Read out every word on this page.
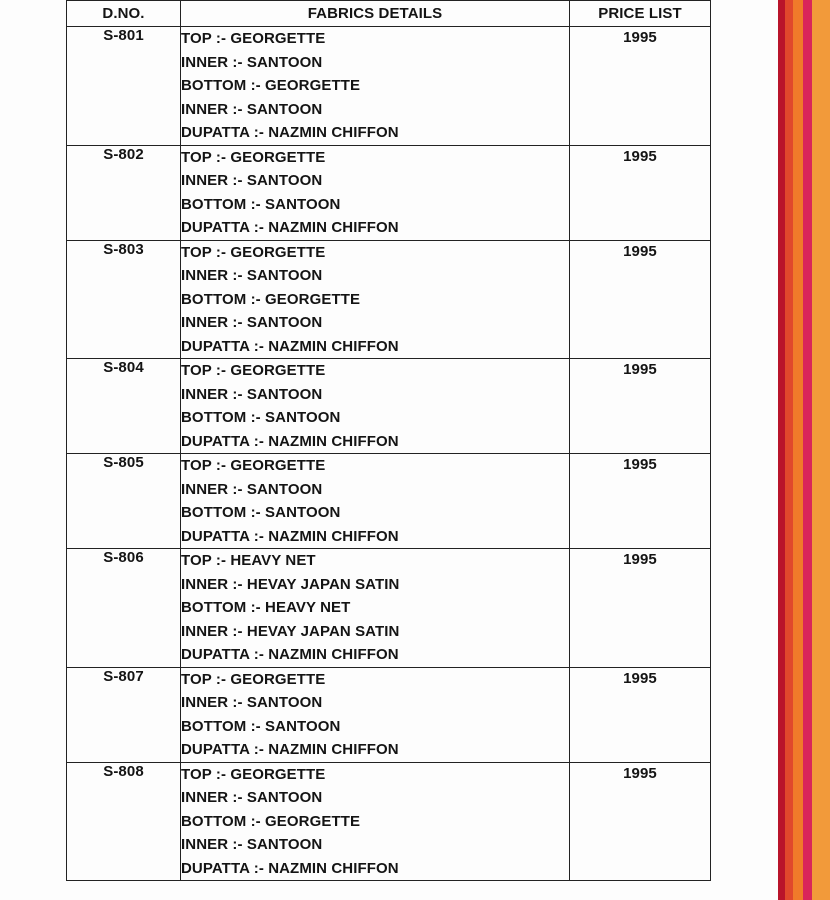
D.NO.	FABRICS DETAILS	PRICE LIST
S-801	TOP :- GEORGETTE
INNER :- SANTOON
BOTTOM :- GEORGETTE
INNER :- SANTOON
DUPATTA :- NAZMIN CHIFFON	1995
S-802	TOP :- GEORGETTE
INNER :- SANTOON
BOTTOM :- SANTOON
DUPATTA :- NAZMIN CHIFFON	1995
S-803	TOP :- GEORGETTE
INNER :- SANTOON
BOTTOM :- GEORGETTE
INNER :- SANTOON
DUPATTA :- NAZMIN CHIFFON	1995
S-804	TOP :- GEORGETTE
INNER :- SANTOON
BOTTOM :- SANTOON
DUPATTA :- NAZMIN CHIFFON	1995
S-805	TOP :- GEORGETTE
INNER :- SANTOON
BOTTOM :- SANTOON
DUPATTA :- NAZMIN CHIFFON	1995
S-806	TOP :- HEAVY NET
INNER :- HEVAY JAPAN SATIN
BOTTOM :- HEAVY NET
INNER :- HEVAY JAPAN SATIN
DUPATTA :- NAZMIN CHIFFON	1995
S-807	TOP :- GEORGETTE
INNER :- SANTOON
BOTTOM :- SANTOON
DUPATTA :- NAZMIN CHIFFON	1995
S-808	TOP :- GEORGETTE
INNER :- SANTOON
BOTTOM :- GEORGETTE
INNER :- SANTOON
DUPATTA :- NAZMIN CHIFFON	1995
